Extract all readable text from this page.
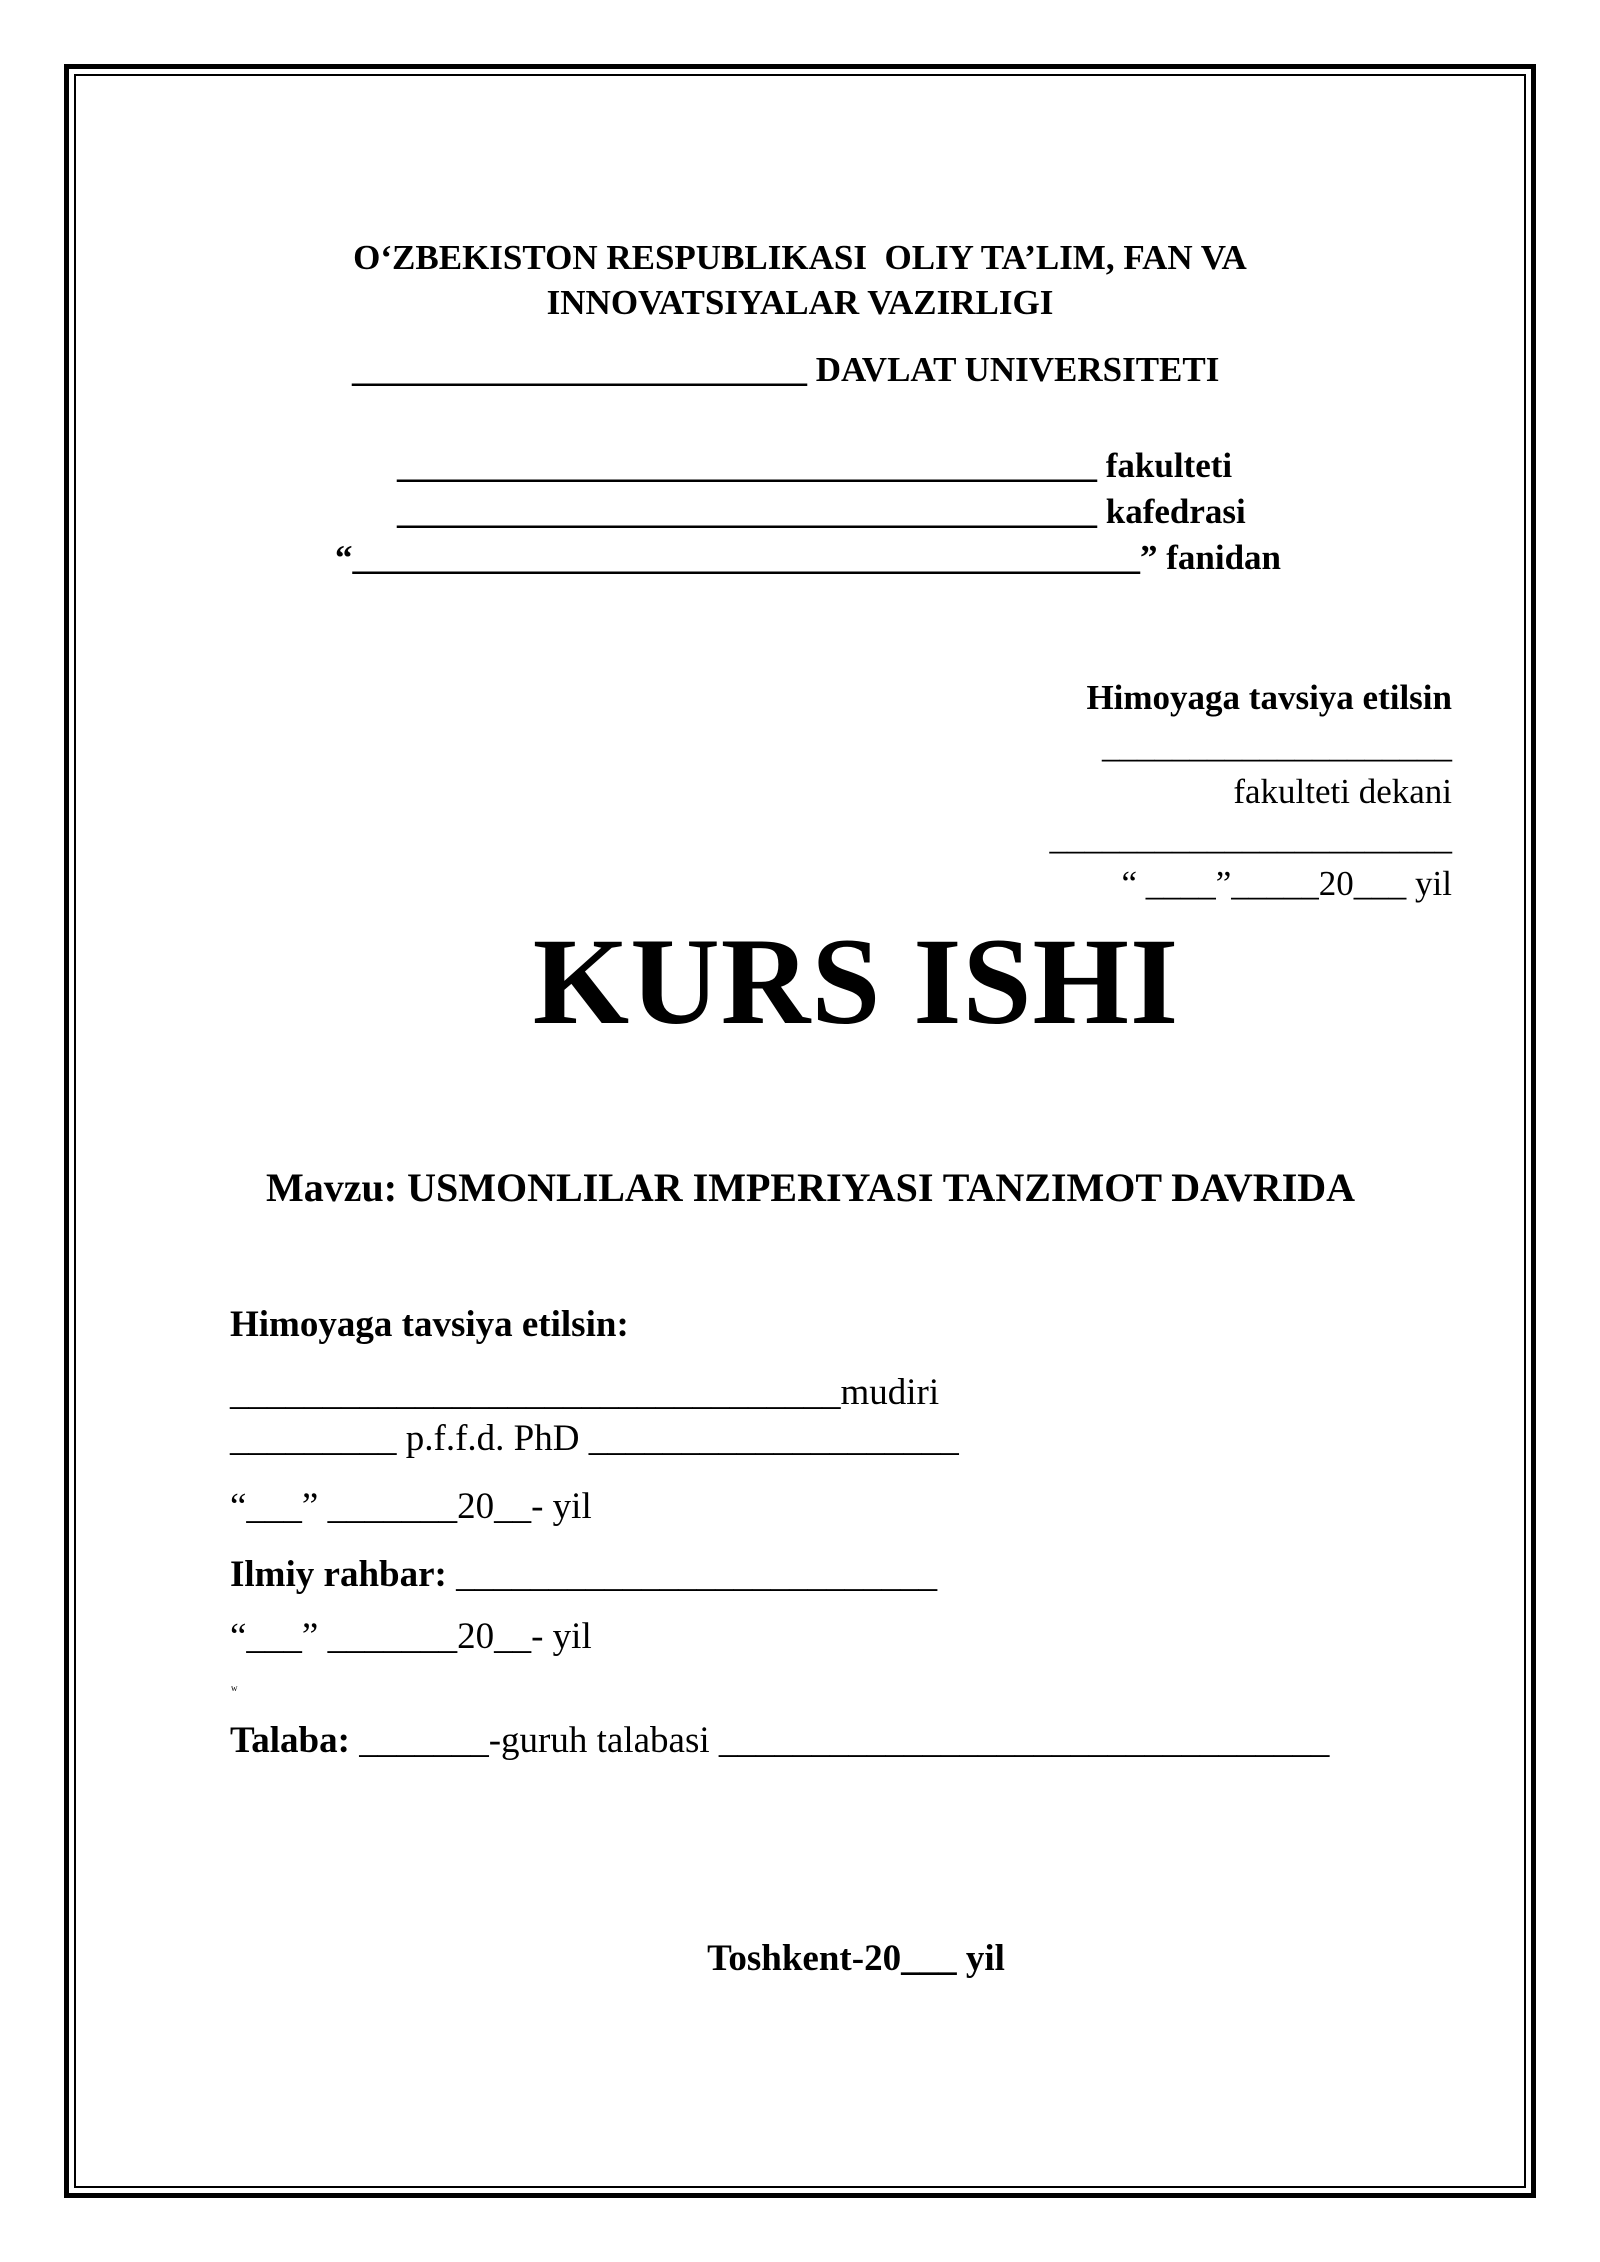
O‘ZBEKISTON RESPUBLIKASI  OLIY TA’LIM, FAN VA
INNOVATSIYALAR VAZIRLIGI
__________________________ DAVLAT UNIVERSITETI
________________________________________ fakulteti
________________________________________ kafedrasi
“_____________________________________________” fanidan
Himoyaga tavsiya etilsin
____________________
fakulteti dekani
_______________________
“ ____”_____20___ yil
KURS ISHI
Mavzu: USMONLILAR IMPERIYASI TANZIMOT DAVRIDA
Himoyaga tavsiya etilsin:
_________________________________mudiri
_________ p.f.f.d. PhD ____________________
“___” _______20__- yil
Ilmiy rahbar: __________________________
“___” _______20__- yil
w
Talaba: _______-guruh talabasi _________________________________
Toshkent-20___ yil
